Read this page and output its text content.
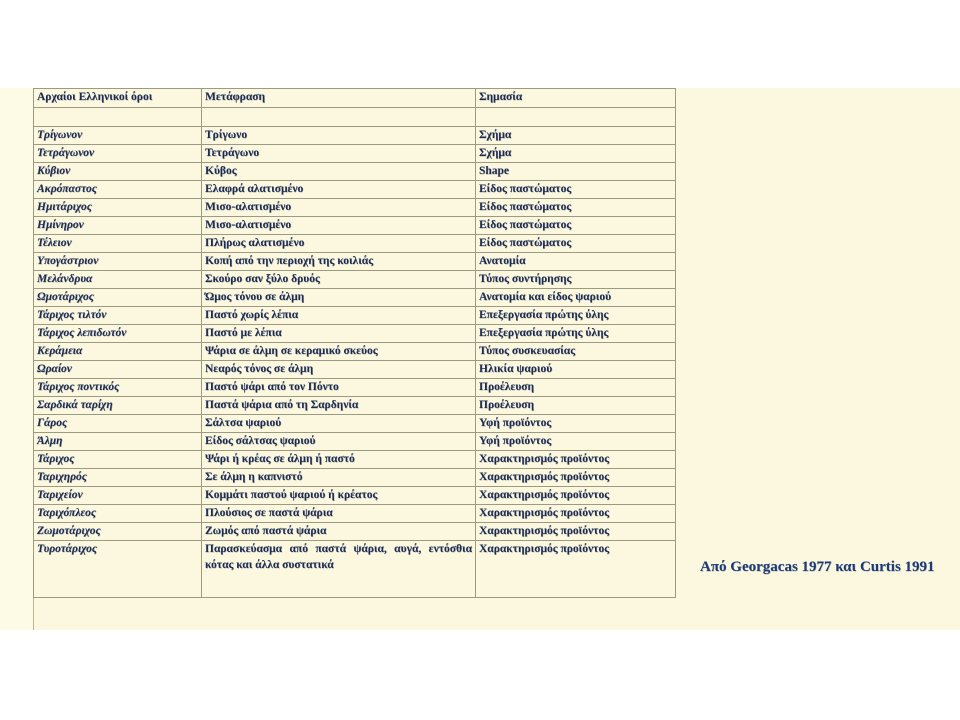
Αρχαίοι Ελληνικοί όροι	Μετάφραση	Σημασία

Τρίγωνον	Τρίγωνο	Σχήμα
Τετράγωνον	Τετράγωνο	Σχήμα
Κύβιον	Κύβος	Shape
Ακρόπαστος	Ελαφρά αλατισμένο	Είδος παστώματος
Ημιτάριχος	Μισο-αλατισμένο	Είδος παστώματος
Ημίνηρον	Μισο-αλατισμένο	Είδος παστώματος
Τέλειον	Πλήρως αλατισμένο	Είδος παστώματος
Υπογάστριον	Κοπή από την περιοχή της κοιλιάς	Ανατομία
Μελάνδρυα	Σκούρο σαν ξύλο δρυός	Τύπος συντήρησης
Ωμοτάριχος	Ώμος τόνου σε άλμη	Ανατομία και είδος ψαριού
Τάριχος τιλτόν	Παστό χωρίς λέπια	Επεξεργασία πρώτης ύλης
Τάριχος λεπιδωτόν	Παστό με λέπια	Επεξεργασία πρώτης ύλης
Κεράμεια	Ψάρια σε άλμη σε κεραμικό σκεύος	Τύπος συσκευασίας
Ωραίον	Νεαρός τόνος σε άλμη	Ηλικία ψαριού
Τάριχος ποντικός	Παστό ψάρι από τον Πόντο	Προέλευση
Σαρδικά ταρίχη	Παστά ψάρια από τη Σαρδηνία	Προέλευση
Γάρος	Σάλτσα ψαριού	Υφή προϊόντος
Άλμη	Είδος σάλτσας ψαριού	Υφή προϊόντος
Τάριχος	Ψάρι ή κρέας σε άλμη ή παστό	Χαρακτηρισμός προϊόντος
Ταριχηρός	Σε άλμη η καπνιστό	Χαρακτηρισμός προϊόντος
Ταριχείον	Κομμάτι παστού ψαριού ή κρέατος	Χαρακτηρισμός προϊόντος
Ταριχόπλεος	Πλούσιος σε παστά ψάρια	Χαρακτηρισμός προϊόντος
Ζωμοτάριχος	Ζωμός από παστά ψάρια	Χαρακτηρισμός προϊόντος
Τυροτάριχος	Παρασκεύασμα από παστά ψάρια, αυγά, εντόσθια κότας και άλλα συστατικά	Χαρακτηρισμός προϊόντος
Από Georgacas 1977 και Curtis 1991
